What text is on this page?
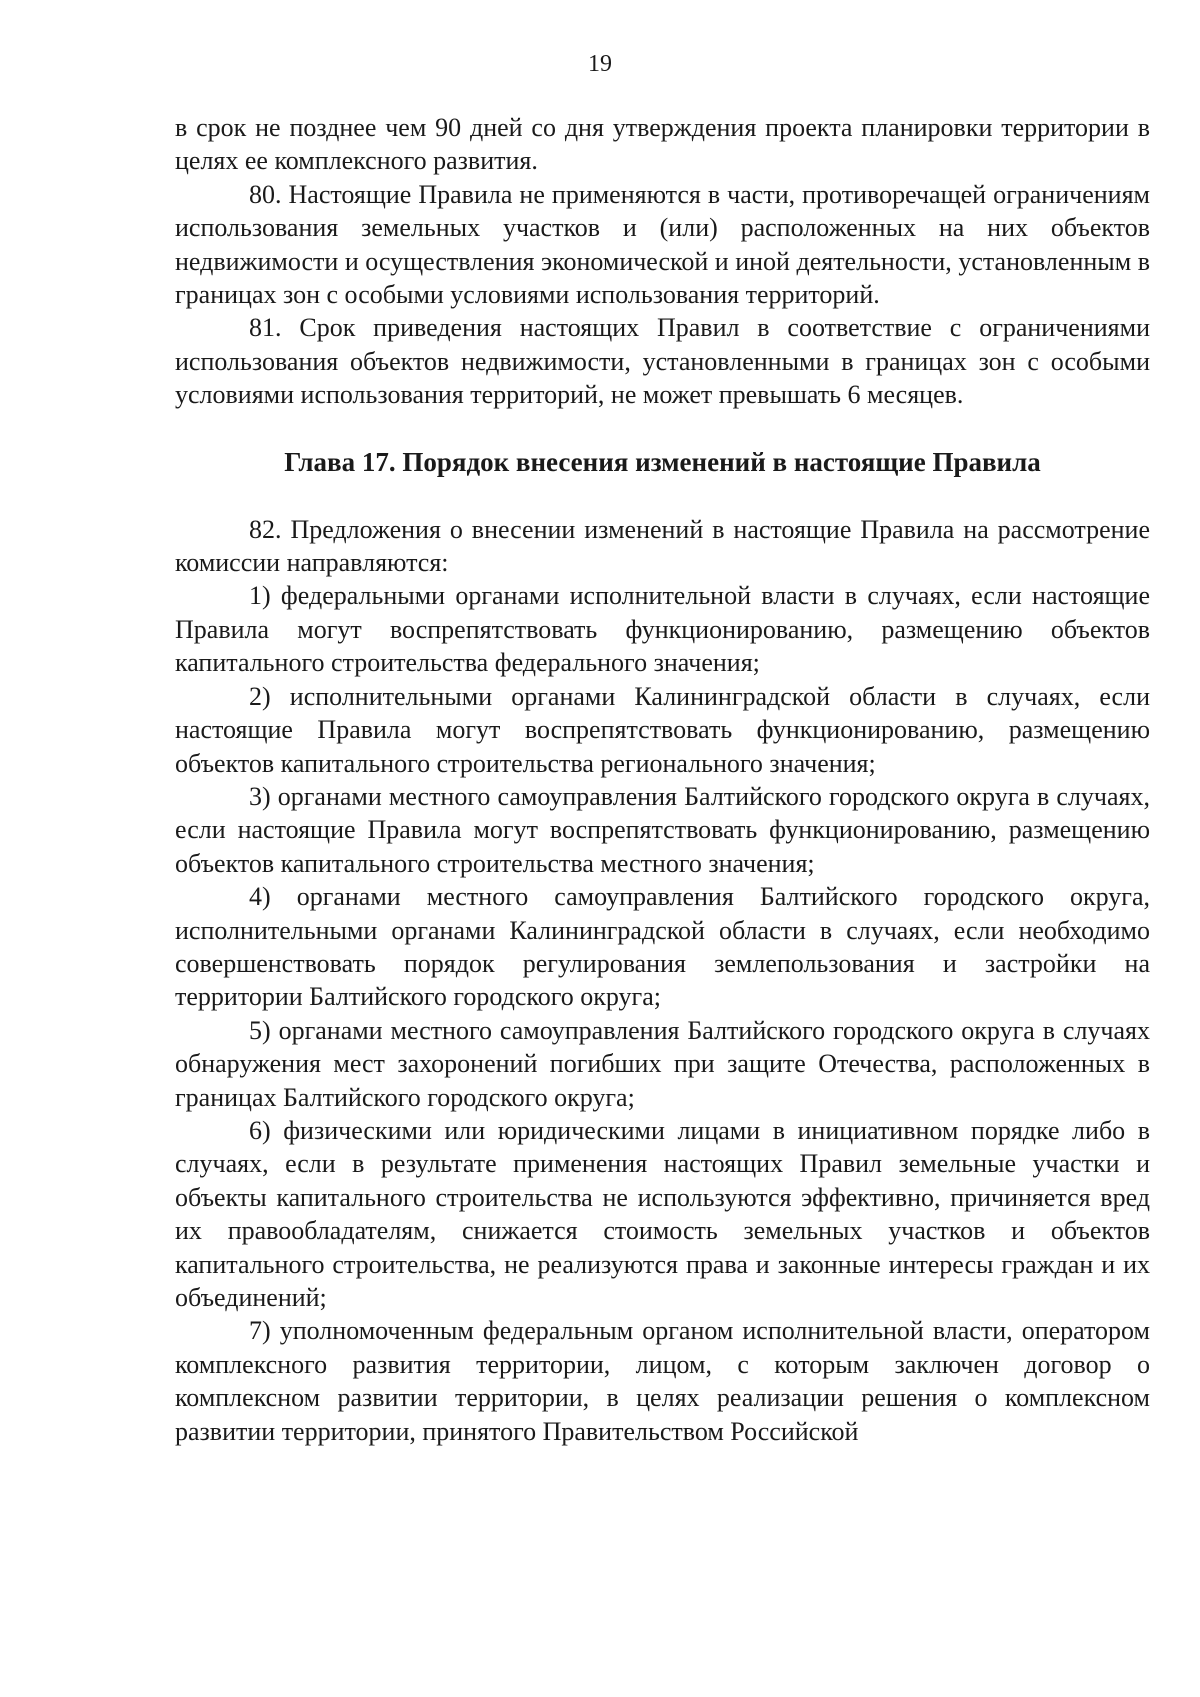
19

в срок не позднее чем 90 дней со дня утверждения проекта планировки территории в целях ее комплексного развития.

80. Настоящие Правила не применяются в части, противоречащей ограничениям использования земельных участков и (или) расположенных на них объектов недвижимости и осуществления экономической и иной деятельности, установленным в границах зон с особыми условиями использования территорий.

81. Срок приведения настоящих Правил в соответствие с ограничениями использования объектов недвижимости, установленными в границах зон с особыми условиями использования территорий, не может превышать 6 месяцев.

Глава 17. Порядок внесения изменений в настоящие Правила

82. Предложения о внесении изменений в настоящие Правила на рассмотрение комиссии направляются:

1) федеральными органами исполнительной власти в случаях, если настоящие Правила могут воспрепятствовать функционированию, размещению объектов капитального строительства федерального значения;

2) исполнительными органами Калининградской области в случаях, если настоящие Правила могут воспрепятствовать функционированию, размещению объектов капитального строительства регионального значения;

3) органами местного самоуправления Балтийского городского округа в случаях, если настоящие Правила могут воспрепятствовать функционированию, размещению объектов капитального строительства местного значения;

4) органами местного самоуправления Балтийского городского округа, исполнительными органами Калининградской области в случаях, если необходимо совершенствовать порядок регулирования землепользования и застройки на территории Балтийского городского округа;

5) органами местного самоуправления Балтийского городского округа в случаях обнаружения мест захоронений погибших при защите Отечества, расположенных в границах Балтийского городского округа;

6) физическими или юридическими лицами в инициативном порядке либо в случаях, если в результате применения настоящих Правил земельные участки и объекты капитального строительства не используются эффективно, причиняется вред их правообладателям, снижается стоимость земельных участков и объектов капитального строительства, не реализуются права и законные интересы граждан и их объединений;

7) уполномоченным федеральным органом исполнительной власти, оператором комплексного развития территории, лицом, с которым заключен договор о комплексном развитии территории, в целях реализации решения о комплексном развитии территории, принятого Правительством Российской
